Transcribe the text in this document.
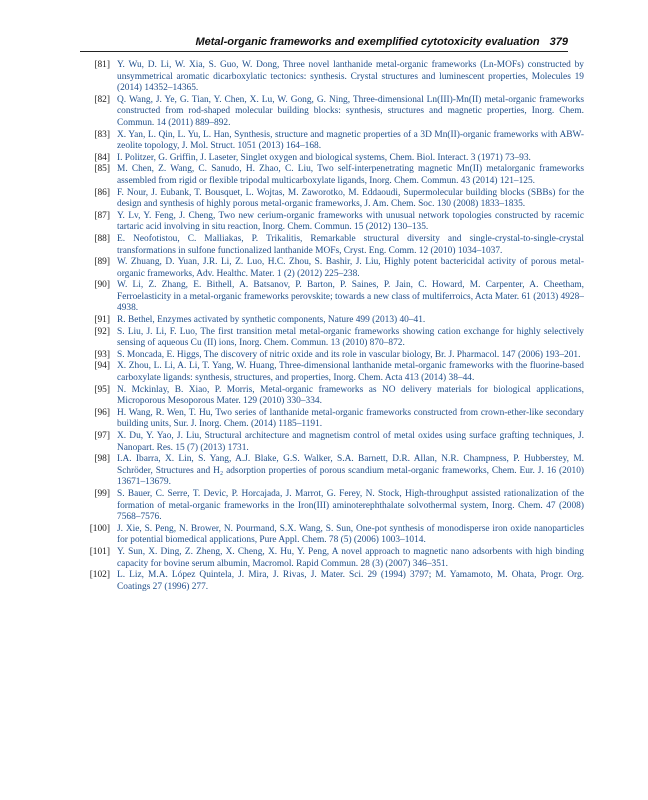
Metal-organic frameworks and exemplified cytotoxicity evaluation 379
[81] Y. Wu, D. Li, W. Xia, S. Guo, W. Dong, Three novel lanthanide metal-organic frameworks (Ln-MOFs) constructed by unsymmetrical aromatic dicarboxylatic tectonics: synthesis. Crystal structures and luminescent properties, Molecules 19 (2014) 14352–14365.
[82] Q. Wang, J. Ye, G. Tian, Y. Chen, X. Lu, W. Gong, G. Ning, Three-dimensional Ln(III)-Mn(II) metal-organic frameworks constructed from rod-shaped molecular building blocks: synthesis, structures and magnetic properties, Inorg. Chem. Commun. 14 (2011) 889–892.
[83] X. Yan, L. Qin, L. Yu, L. Han, Synthesis, structure and magnetic properties of a 3D Mn(II)-organic frameworks with ABW-zeolite topology, J. Mol. Struct. 1051 (2013) 164–168.
[84] I. Politzer, G. Griffin, J. Laseter, Singlet oxygen and biological systems, Chem. Biol. Interact. 3 (1971) 73–93.
[85] M. Chen, Z. Wang, C. Sanudo, H. Zhao, C. Liu, Two self-interpenetrating magnetic Mn(II) metalorganic frameworks assembled from rigid or flexible tripodal multicarboxylate ligands, Inorg. Chem. Commun. 43 (2014) 121–125.
[86] F. Nour, J. Eubank, T. Bousquet, L. Wojtas, M. Zaworotko, M. Eddaoudi, Supermolecular building blocks (SBBs) for the design and synthesis of highly porous metal-organic frameworks, J. Am. Chem. Soc. 130 (2008) 1833–1835.
[87] Y. Lv, Y. Feng, J. Cheng, Two new cerium-organic frameworks with unusual network topologies constructed by racemic tartaric acid involving in situ reaction, Inorg. Chem. Commun. 15 (2012) 130–135.
[88] E. Neofotistou, C. Malliakas, P. Trikalitis, Remarkable structural diversity and single-crystal-to-single-crystal transformations in sulfone functionalized lanthanide MOFs, Cryst. Eng. Comm. 12 (2010) 1034–1037.
[89] W. Zhuang, D. Yuan, J.R. Li, Z. Luo, H.C. Zhou, S. Bashir, J. Liu, Highly potent bactericidal activity of porous metal-organic frameworks, Adv. Healthc. Mater. 1 (2) (2012) 225–238.
[90] W. Li, Z. Zhang, E. Bithell, A. Batsanov, P. Barton, P. Saines, P. Jain, C. Howard, M. Carpenter, A. Cheetham, Ferroelasticity in a metal-organic frameworks perovskite; towards a new class of multiferroics, Acta Mater. 61 (2013) 4928–4938.
[91] R. Bethel, Enzymes activated by synthetic components, Nature 499 (2013) 40–41.
[92] S. Liu, J. Li, F. Luo, The first transition metal metal-organic frameworks showing cation exchange for highly selectively sensing of aqueous Cu (II) ions, Inorg. Chem. Commun. 13 (2010) 870–872.
[93] S. Moncada, E. Higgs, The discovery of nitric oxide and its role in vascular biology, Br. J. Pharmacol. 147 (2006) 193–201.
[94] X. Zhou, L. Li, A. Li, T. Yang, W. Huang, Three-dimensional lanthanide metal-organic frameworks with the fluorine-based carboxylate ligands: synthesis, structures, and properties, Inorg. Chem. Acta 413 (2014) 38–44.
[95] N. Mckinlay, B. Xiao, P. Morris, Metal-organic frameworks as NO delivery materials for biological applications, Microporous Mesoporous Mater. 129 (2010) 330–334.
[96] H. Wang, R. Wen, T. Hu, Two series of lanthanide metal-organic frameworks constructed from crown-ether-like secondary building units, Sur. J. Inorg. Chem. (2014) 1185–1191.
[97] X. Du, Y. Yao, J. Liu, Structural architecture and magnetism control of metal oxides using surface grafting techniques, J. Nanopart. Res. 15 (7) (2013) 1731.
[98] I.A. Ibarra, X. Lin, S. Yang, A.J. Blake, G.S. Walker, S.A. Barnett, D.R. Allan, N.R. Champness, P. Hubberstey, M. Schröder, Structures and H₂ adsorption properties of porous scandium metal-organic frameworks, Chem. Eur. J. 16 (2010) 13671–13679.
[99] S. Bauer, C. Serre, T. Devic, P. Horcajada, J. Marrot, G. Ferey, N. Stock, High-throughput assisted rationalization of the formation of metal-organic frameworks in the Iron(III) aminoterephthalate solvothermal system, Inorg. Chem. 47 (2008) 7568–7576.
[100] J. Xie, S. Peng, N. Brower, N. Pourmand, S.X. Wang, S. Sun, One-pot synthesis of monodisperse iron oxide nanoparticles for potential biomedical applications, Pure Appl. Chem. 78 (5) (2006) 1003–1014.
[101] Y. Sun, X. Ding, Z. Zheng, X. Cheng, X. Hu, Y. Peng, A novel approach to magnetic nano adsorbents with high binding capacity for bovine serum albumin, Macromol. Rapid Commun. 28 (3) (2007) 346–351.
[102] L. Liz, M.A. López Quintela, J. Mira, J. Rivas, J. Mater. Sci. 29 (1994) 3797; M. Yamamoto, M. Ohata, Progr. Org. Coatings 27 (1996) 277.
